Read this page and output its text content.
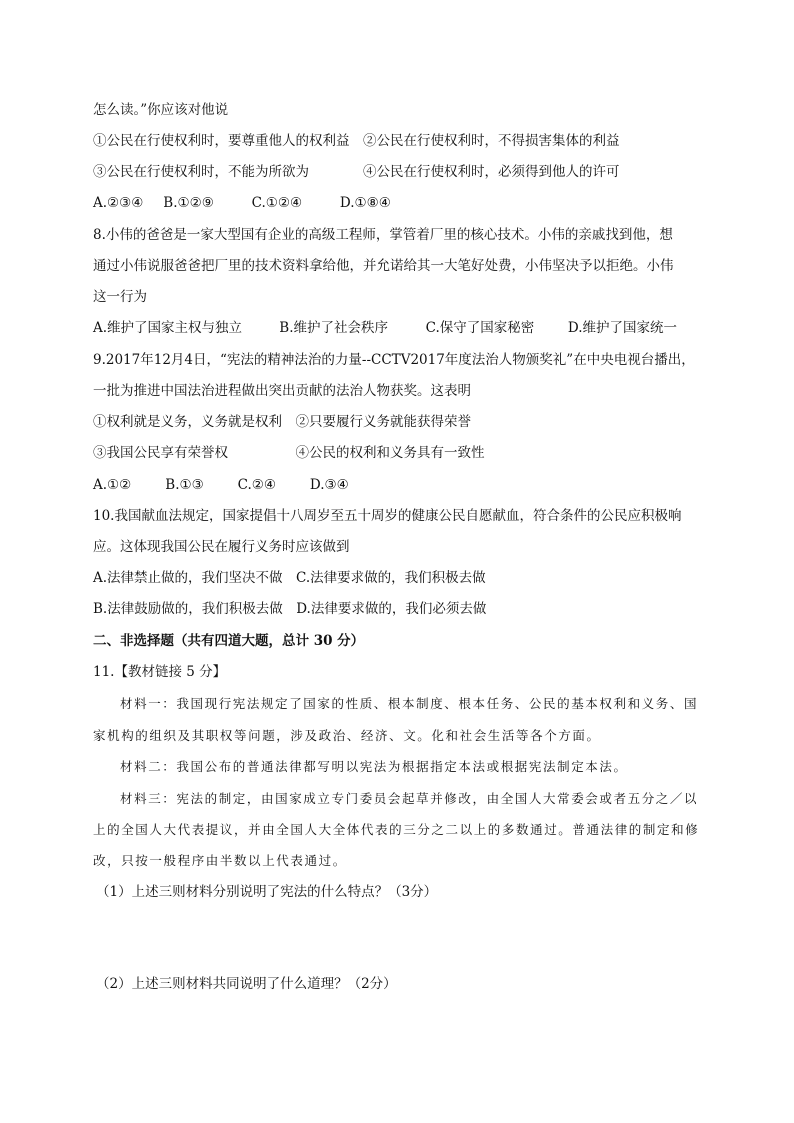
怎么读。”你应该对他说
①公民在行使权利时，要尊重他人的权利益　②公民在行使权利时，不得损害集体的利益
③公民在行使权利时，不能为所欲为　　　　④公民在行使权利时，必须得到他人的许可
A.②③④ B.①②⑨	C.①②④	D.①⑧④
8.小伟的爸爸是一家大型国有企业的高级工程师，掌管着厂里的核心技术。小伟的亲戚找到他，想
通过小伟说服爸爸把厂里的技术资料拿给他，并允诺给其一大笔好处费，小伟坚决予以拒绝。小伟
这一行为
A.维护了国家主权与独立	B.维护了社会秩序	C.保守了国家秘密 D.维护了国家统一
9.2017年12月4日，“宪法的精神法治的力量--CCTV2017年度法治人物颁奖礼”在中央电视台播出，
一批为推进中国法治进程做出突出贡献的法治人物获奖。这表明
①权利就是义务，义务就是权利　②只要履行义务就能获得荣誉
③我国公民享有荣誉权　　　　　④公民的权利和义务具有一致性
A.①②	B.①③	C.②④	D.③④
10.我国献血法规定，国家提倡十八周岁至五十周岁的健康公民自愿献血，符合条件的公民应积极响
应。这体现我国公民在履行义务时应该做到
A.法律禁止做的，我们坚决不做　C.法律要求做的，我们积极去做
B.法律鼓励做的，我们积极去做　D.法律要求做的，我们必须去做
二、非选择题（共有四道大题，总计 30 分）
11.【教材链接 5 分】
材料一：我国现行宪法规定了国家的性质、根本制度、根本任务、公民的基本权利和义务、国
家机构的组织及其职权等问题，涉及政治、经济、文。化和社会生活等各个方面。
材料二：我国公布的普通法律都写明以宪法为根据指定本法或根据宪法制定本法。
材料三：宪法的制定，由国家成立专门委员会起草并修改，由全国人大常委会或者五分之／以
上的全国人大代表提议，并由全国人大全体代表的三分之二以上的多数通过。普通法律的制定和修
改，只按一般程序由半数以上代表通过。
（1）上述三则材料分别说明了宪法的什么特点？（3分）
（2）上述三则材料共同说明了什么道理？（2分）
